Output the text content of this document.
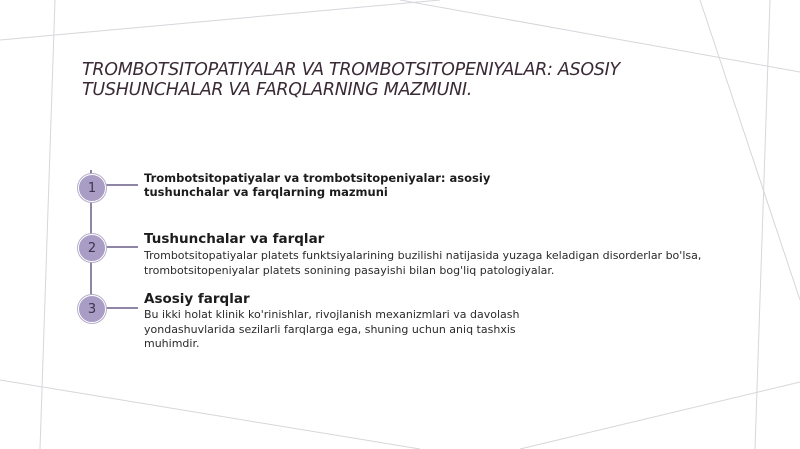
TROMBOTSITOPATIYALAR VA TROMBOTSITOPENIYALAR: ASOSIY TUSHUNCHALAR VA FARQLARNING MAZMUNI.
1
Trombotsitopatiyalar va trombotsitopeniyalar: asosiy tushunchalar va farqlarning mazmuni
2
Tushunchalar va farqlar
Trombotsitopatiyalar platets funktsiyalarining buzilishi natijasida yuzaga keladigan disorderlar bo'lsa, trombotsitopeniyalar platets sonining pasayishi bilan bog'liq patologiyalar.
3
Asosiy farqlar
Bu ikki holat klinik ko'rinishlar, rivojlanish mexanizmlari va davolash yondashuvlarida sezilarli farqlarga ega, shuning uchun aniq tashxis muhimdir.
